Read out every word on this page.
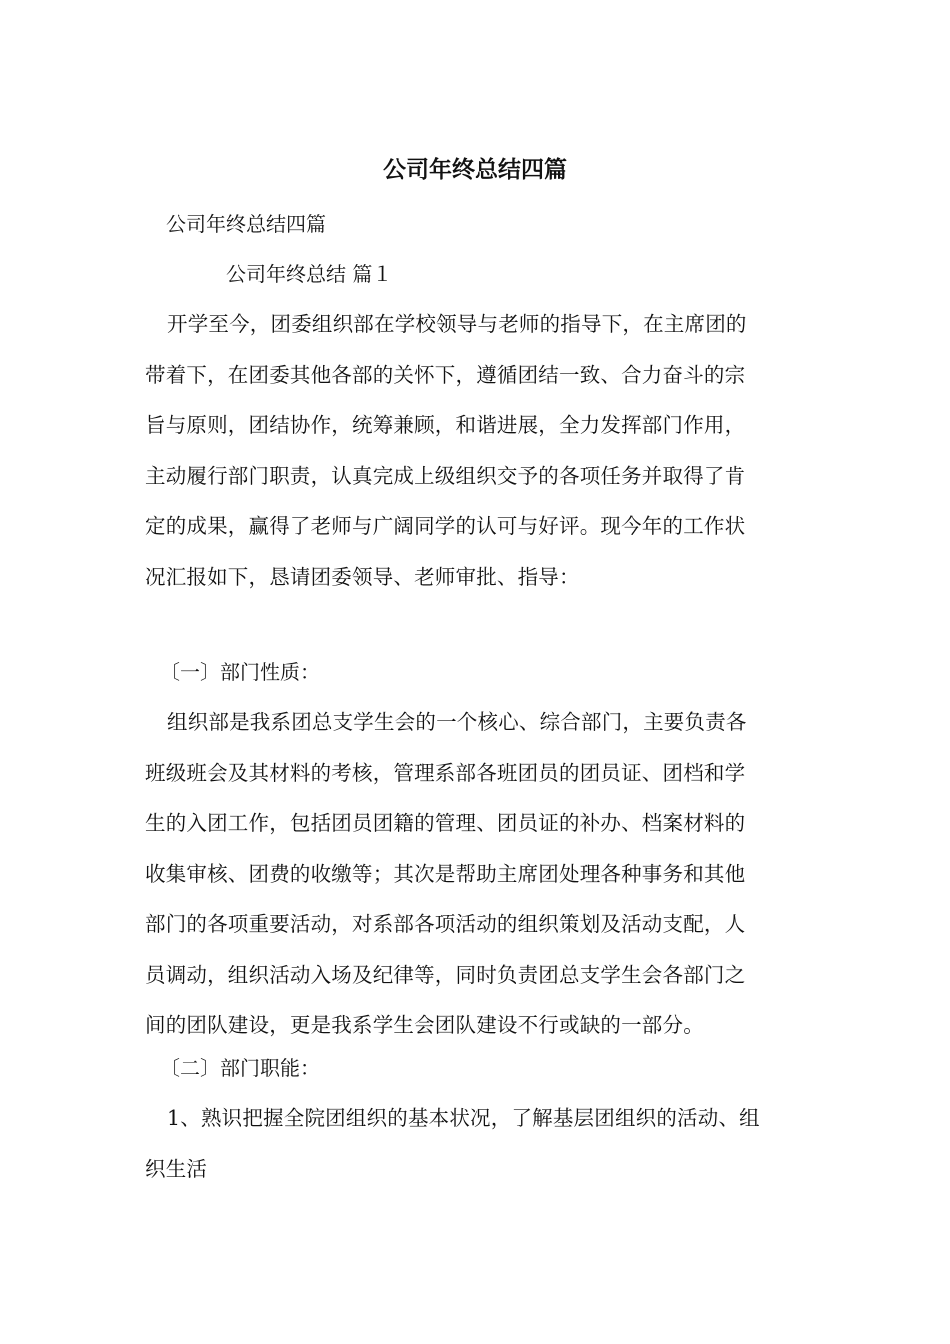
公司年终总结四篇
公司年终总结四篇
公司年终总结 篇１
开学至今，团委组织部在学校领导与老师的指导下，在主席团的
带着下，在团委其他各部的关怀下，遵循团结一致、合力奋斗的宗
旨与原则，团结协作，统筹兼顾，和谐进展，全力发挥部门作用，
主动履行部门职责，认真完成上级组织交予的各项任务并取得了肯
定的成果，赢得了老师与广阔同学的认可与好评。现今年的工作状
况汇报如下，恳请团委领导、老师审批、指导：
〔一〕部门性质：
组织部是我系团总支学生会的一个核心、综合部门，主要负责各
班级班会及其材料的考核，管理系部各班团员的团员证、团档和学
生的入团工作，包括团员团籍的管理、团员证的补办、档案材料的
收集审核、团费的收缴等；其次是帮助主席团处理各种事务和其他
部门的各项重要活动，对系部各项活动的组织策划及活动支配，人
员调动，组织活动入场及纪律等，同时负责团总支学生会各部门之
间的团队建设，更是我系学生会团队建设不行或缺的一部分。
〔二〕部门职能：
1、熟识把握全院团组织的基本状况，了解基层团组织的活动、组
织生活
